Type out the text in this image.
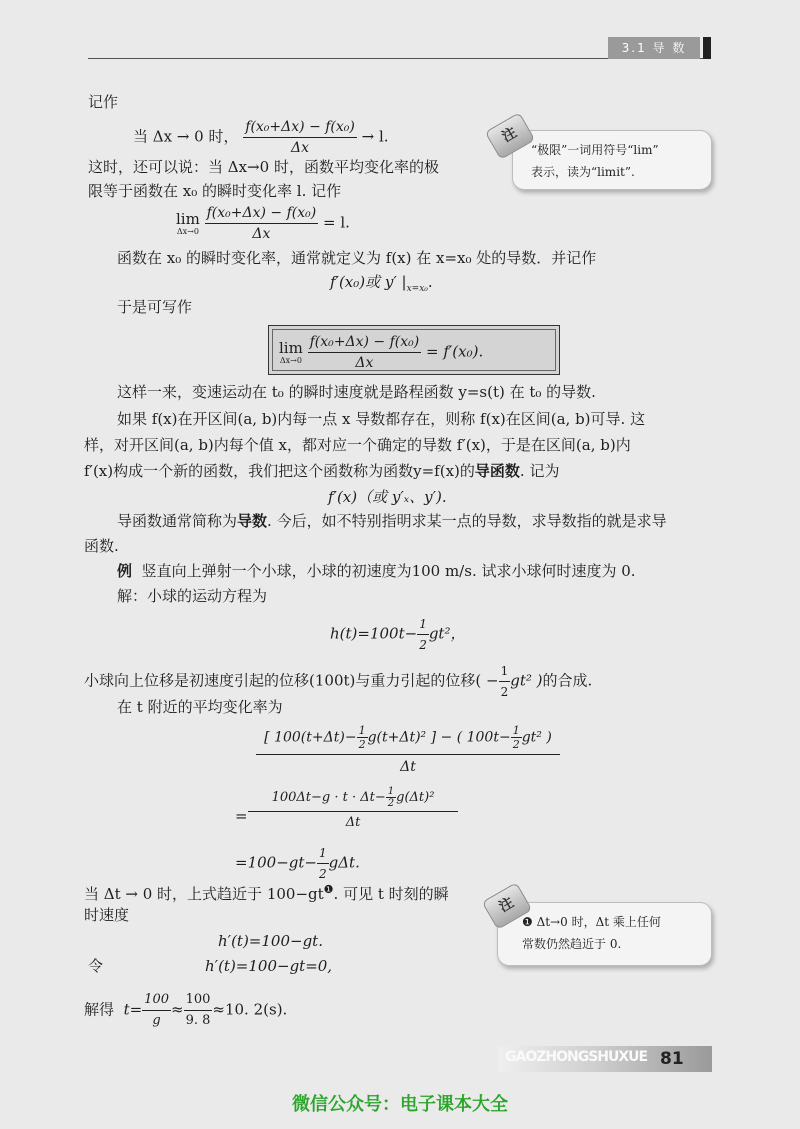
3.1 导 数
记作
当 Δx → 0 时， $\frac{\text{f(x₀+Δx) − f(x₀)}}{\Delta x} \to l$.
这时，还可以说：当 Δx→0 时，函数平均变化率的极
限等于函数在 x₀ 的瞬时变化率 l. 记作
lim
Δx→0
$\frac{\text{f(x₀+Δx) − f(x₀)}}{\Delta x} = l$.
函数在 x₀ 的瞬时变化率，通常就定义为 f(x) 在 x=x₀ 处的导数．并记作
f′(x₀)或 y′ $|_{x=x_0}$.
于是可写作
lim
Δx→0
$\frac{\text{f(x₀+Δx) − f(x₀)}}{\Delta x} = f'(x_0)$.
这样一来，变速运动在 t₀ 的瞬时速度就是路程函数 y=s(t) 在 t₀ 的导数.
如果 f(x)在开区间(a, b)内每一点 x 导数都存在，则称 f(x)在区间(a, b)可导. 这
样，对开区间(a, b)内每个值 x，都对应一个确定的导数 f′(x)，于是在区间(a, b)内
f′(x)构成一个新的函数，我们把这个函数称为函数y=f(x)的导函数. 记为
f′(x)（或 y′ₓ、y′).
导函数通常简称为导数. 今后，如不特别指明求某一点的导数，求导数指的就是求导
函数.
例 竖直向上弹射一个小球，小球的初速度为100 m/s. 试求小球何时速度为 0.
解：小球的运动方程为
$h(t)=100t- \frac{1}{2} gt^2$，
小球向上位移是初速度引起的位移(100t)与重力引起的位移( − $\frac{1}{2} gt^2$ )的合成.
在 t 附近的平均变化率为
$\frac{[ 100(t+\Delta t)- \frac{1}{2} g(t+\Delta t)^2 ] - ( 100t- \frac{1}{2} gt^2 )}{\Delta t}$
= $\frac{100\Delta t-g \cdot t \cdot \Delta t- \frac{1}{2} g(\Delta t)^2}{\Delta t}$
$=100-gt- \frac{1}{2} g\Delta t$.
当 Δt → 0 时，上式趋近于 $100-gt^❶$. 可见 t 时刻的瞬
时速度
h′(t)=100−gt.
令	h′(t)=100−gt=0,
解得 $t= \frac{100}{g} \approx \frac{100}{9. 8} \approx 10$. 2(s).
“极限”一词用符号“lim”
表示，读为“limit”.
注
❶ Δt→0 时，Δt 乘上任何
常数仍然趋近于 0.
注
GAOZHONGSHUXUE 81
微信公众号：电子课本大全
